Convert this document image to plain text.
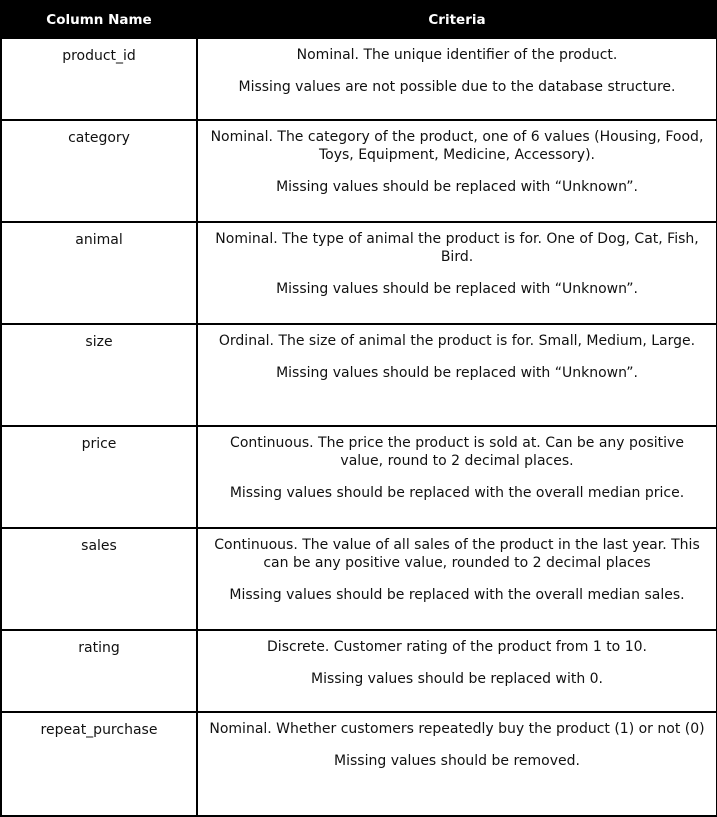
Column Name	Criteria
product_id	Nominal. The unique identifier of the product.

Missing values are not possible due to the database structure.

category	Nominal. The category of the product, one of 6 values (Housing, Food, Toys, Equipment, Medicine, Accessory).

Missing values should be replaced with “Unknown”.

animal	Nominal. The type of animal the product is for. One of Dog, Cat, Fish, Bird.

Missing values should be replaced with “Unknown”.

size	Ordinal. The size of animal the product is for. Small, Medium, Large.

Missing values should be replaced with “Unknown”.

price	Continuous. The price the product is sold at. Can be any positive value, round to 2 decimal places.

Missing values should be replaced with the overall median price.

sales	Continuous. The value of all sales of the product in the last year. This can be any positive value, rounded to 2 decimal places

Missing values should be replaced with the overall median sales.

rating	Discrete. Customer rating of the product from 1 to 10.

Missing values should be replaced with 0.

repeat_purchase	Nominal. Whether customers repeatedly buy the product (1) or not (0)

Missing values should be removed.
